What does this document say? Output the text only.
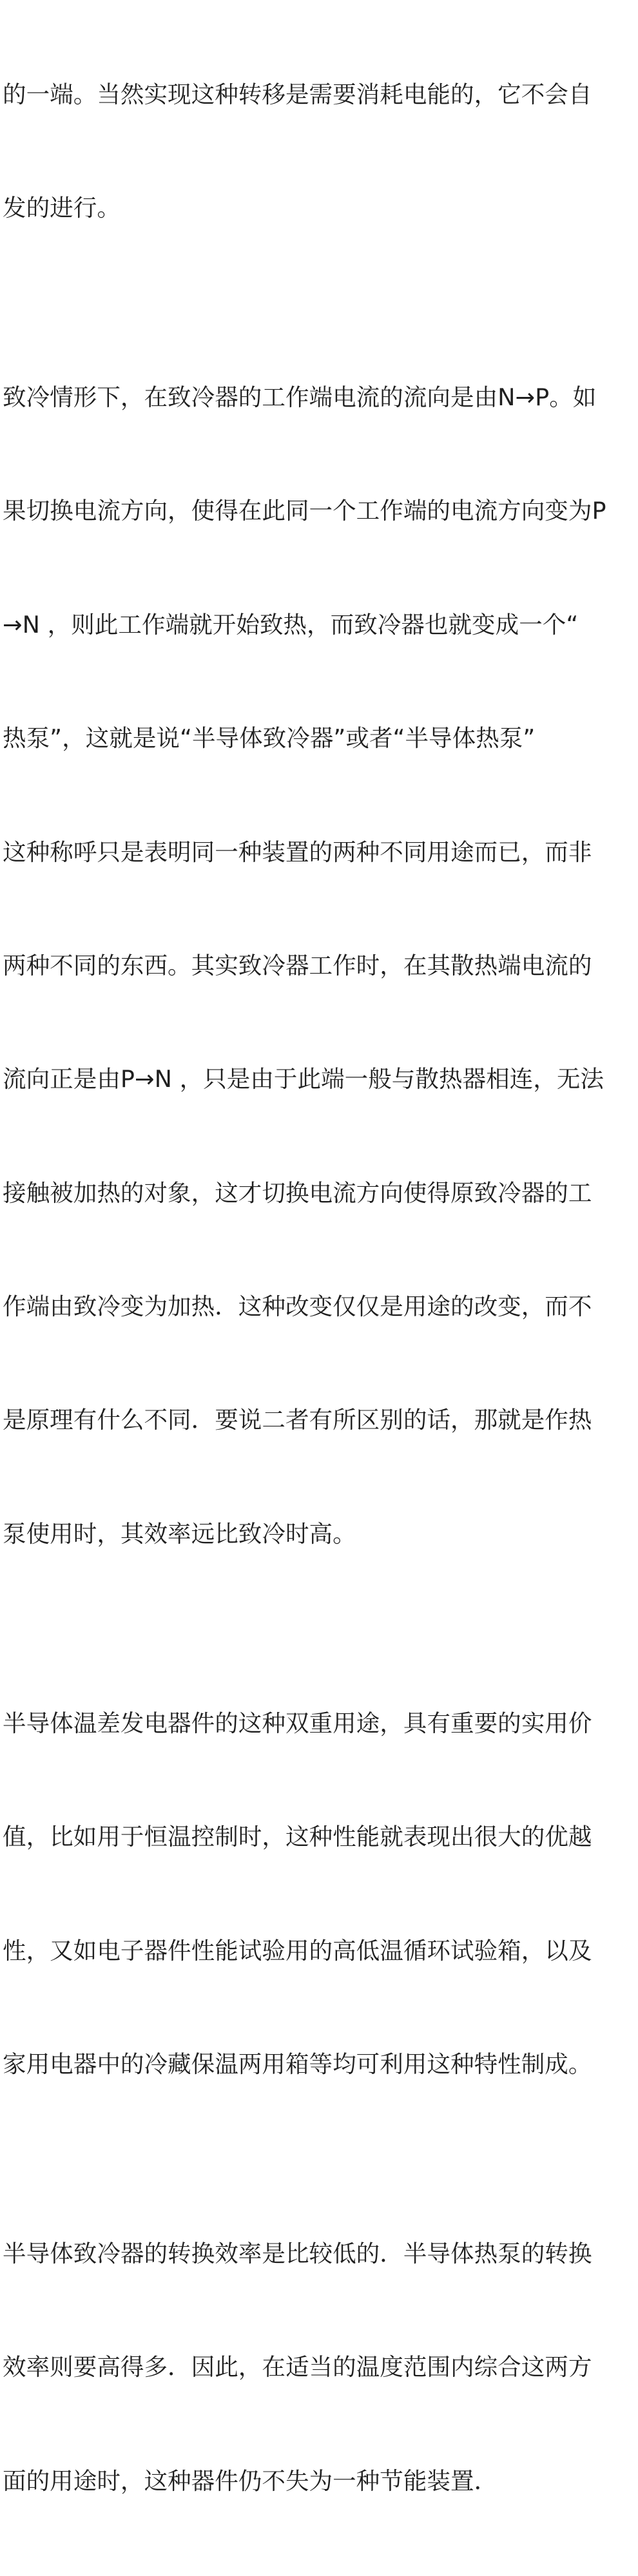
的一端。当然实现这种转移是需要消耗电能的，它不会自

发的进行。

致冷情形下，在致冷器的工作端电流的流向是由N→P。如

果切换电流方向，使得在此同一个工作端的电流方向变为P

→N ，则此工作端就开始致热，而致冷器也就变成一个“

热泵”，这就是说“半导体致冷器”或者“半导体热泵”

这种称呼只是表明同一种装置的两种不同用途而已，而非

两种不同的东西。其实致冷器工作时，在其散热端电流的

流向正是由P→N ，只是由于此端一般与散热器相连，无法

接触被加热的对象，这才切换电流方向使得原致冷器的工

作端由致冷变为加热．这种改变仅仅是用途的改变，而不

是原理有什么不同．要说二者有所区别的话，那就是作热

泵使用时，其效率远比致冷时高。

半导体温差发电器件的这种双重用途，具有重要的实用价

值，比如用于恒温控制时，这种性能就表现出很大的优越

性，又如电子器件性能试验用的高低温循环试验箱，以及

家用电器中的冷藏保温两用箱等均可利用这种特性制成。

半导体致冷器的转换效率是比较低的．半导体热泵的转换

效率则要高得多．因此，在适当的温度范围内综合这两方

面的用途时，这种器件仍不失为一种节能装置．
